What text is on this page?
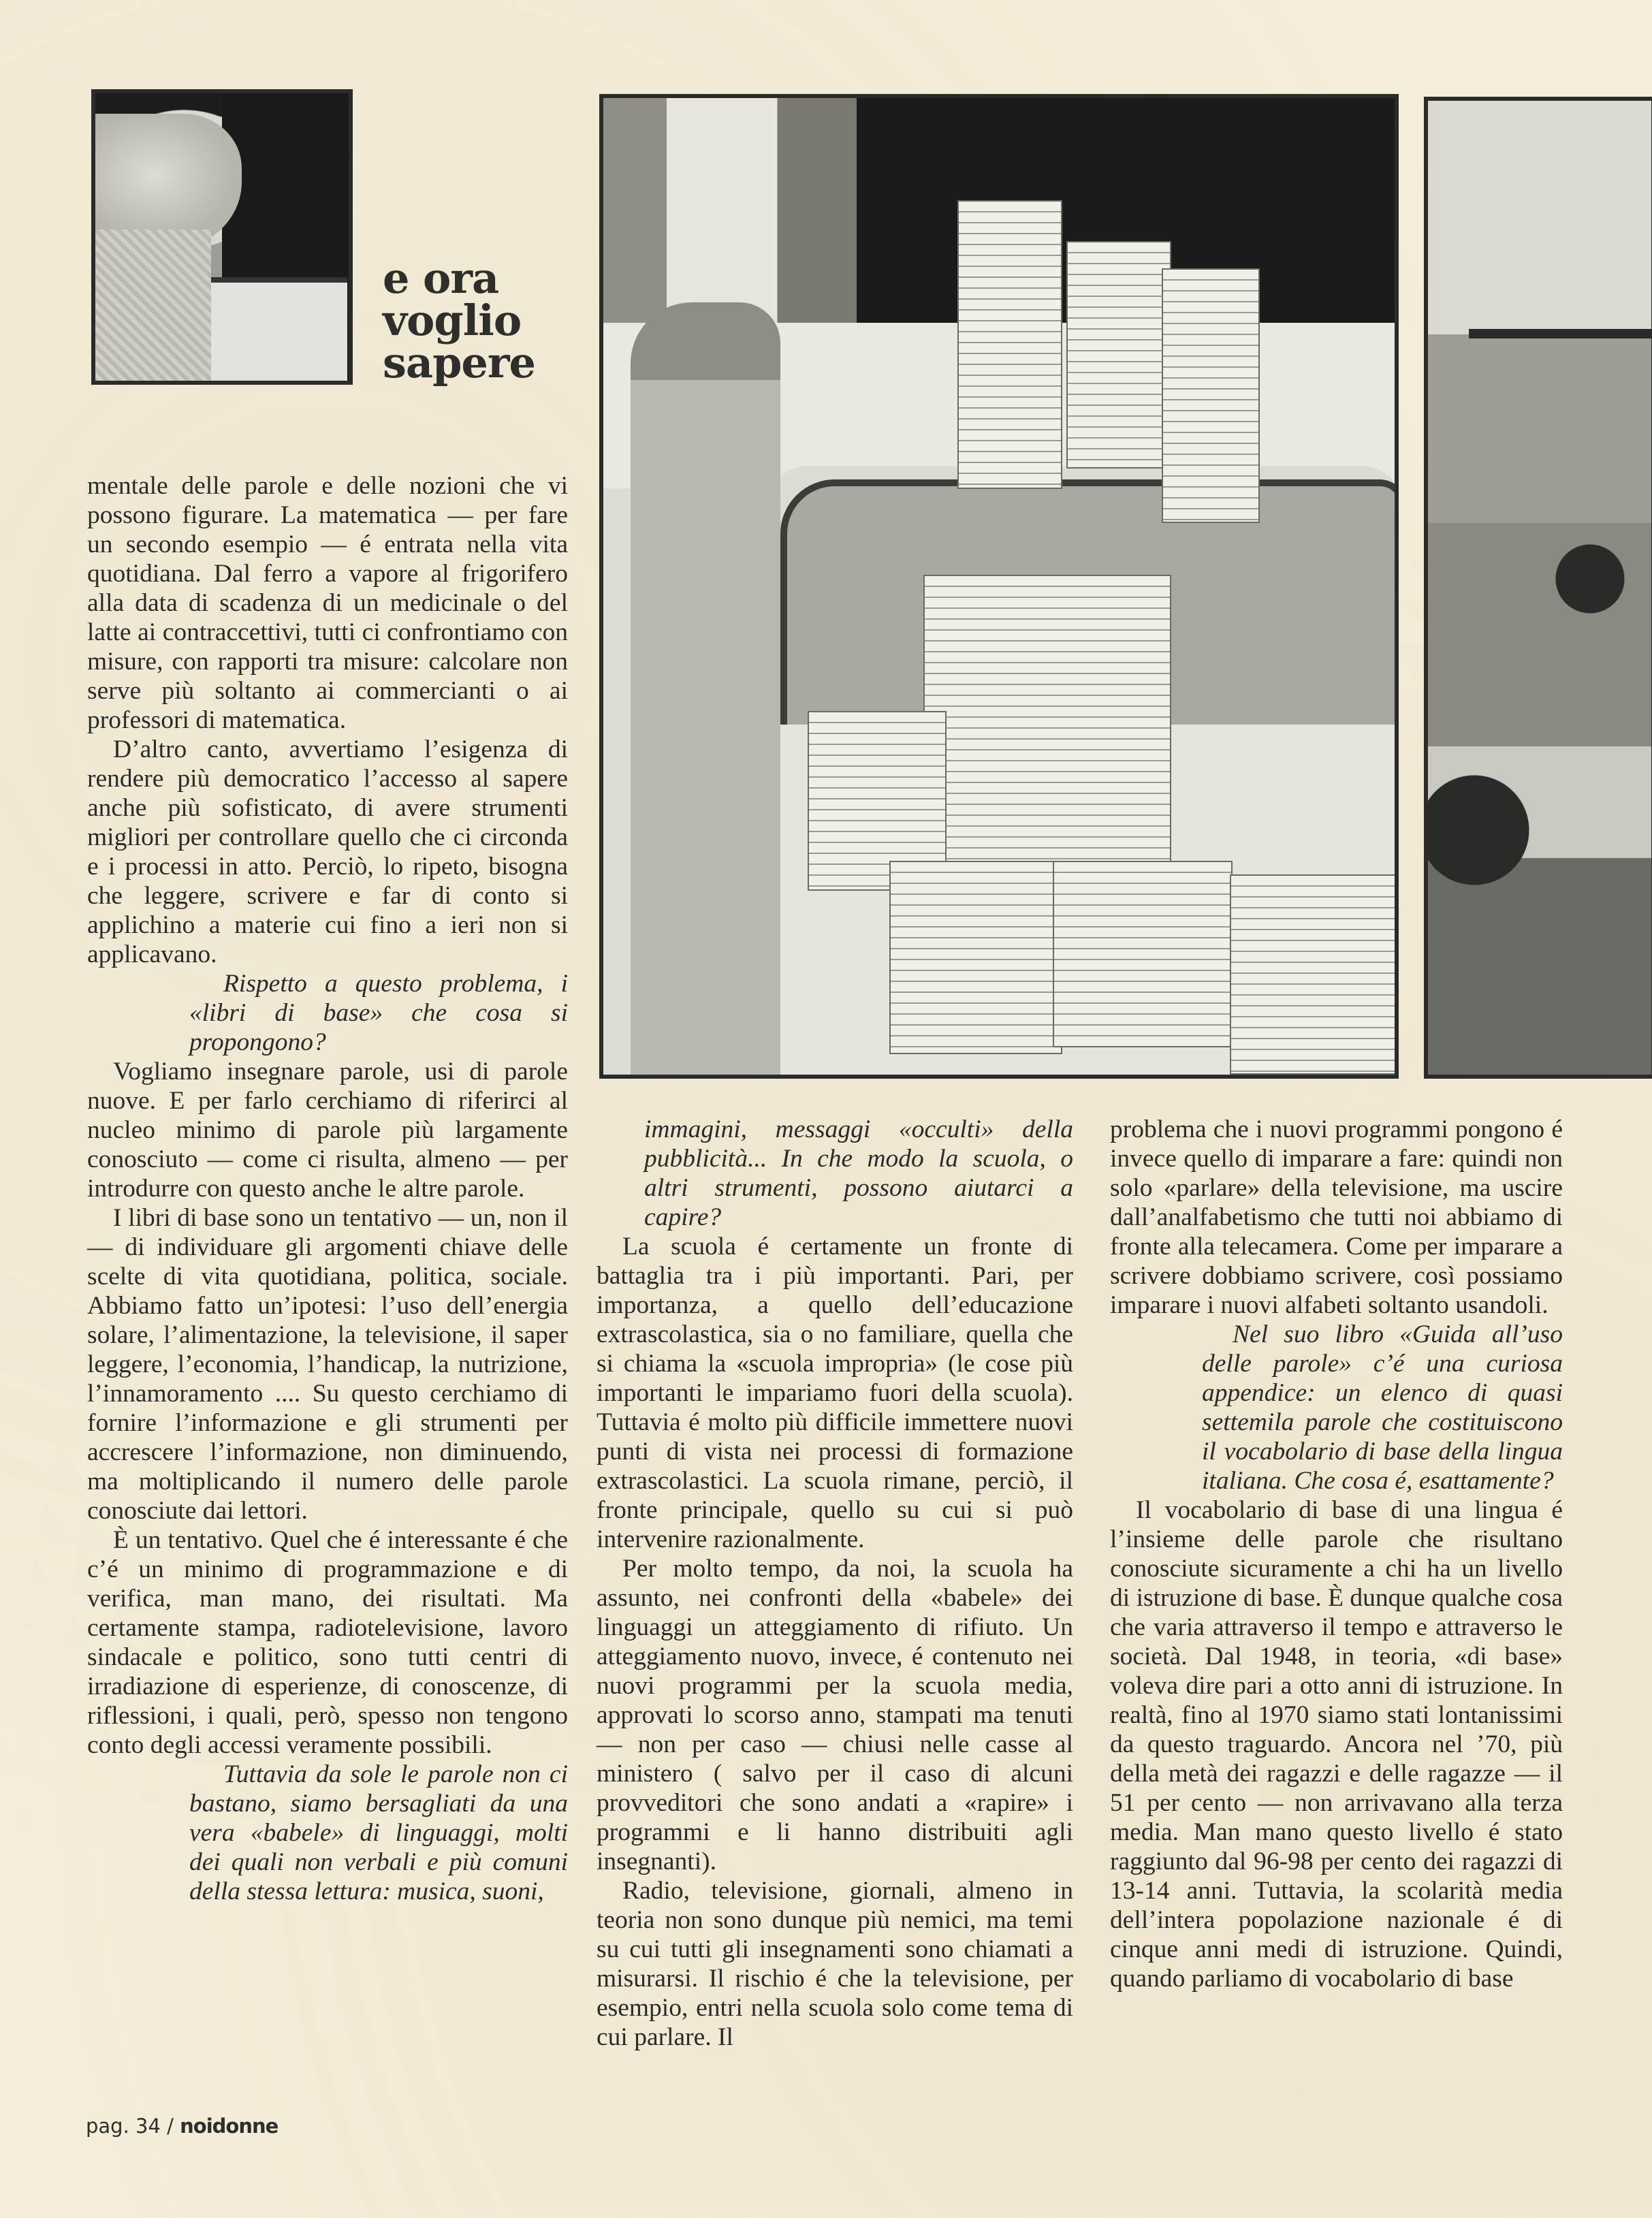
e ora
voglio
sapere

mentale delle parole e delle nozioni che vi possono figurare. La matematica — per fare un secondo esempio — é entrata nella vita quotidiana. Dal ferro a vapore al frigorifero alla data di scadenza di un medicinale o del latte ai contraccettivi, tutti ci confrontiamo con misure, con rapporti tra misure: calcolare non serve più soltanto ai commercianti o ai professori di matematica.

D’altro canto, avvertiamo l’esigenza di rendere più democratico l’accesso al sapere anche più sofisticato, di avere strumenti migliori per controllare quello che ci circonda e i processi in atto. Perciò, lo ripeto, bisogna che leggere, scrivere e far di conto si applichino a materie cui fino a ieri non si applicavano.

Rispetto a questo problema, i «libri di base» che cosa si propongono?

Vogliamo insegnare parole, usi di parole nuove. E per farlo cerchiamo di riferirci al nucleo minimo di parole più largamente conosciuto — come ci risulta, almeno — per introdurre con questo anche le altre parole.

I libri di base sono un tentativo — un, non il — di individuare gli argomenti chiave delle scelte di vita quotidiana, politica, sociale. Abbiamo fatto un’ipotesi: l’uso dell’energia solare, l’alimentazione, la televisione, il saper leggere, l’economia, l’handicap, la nutrizione, l’innamoramento .... Su questo cerchiamo di fornire l’informazione e gli strumenti per accrescere l’informazione, non diminuendo, ma moltiplicando il numero delle parole conosciute dai lettori.

È un tentativo. Quel che é interessante é che c’é un minimo di programmazione e di verifica, man mano, dei risultati. Ma certamente stampa, radiotelevisione, lavoro sindacale e politico, sono tutti centri di irradiazione di esperienze, di conoscenze, di riflessioni, i quali, però, spesso non tengono conto degli accessi veramente possibili.

Tuttavia da sole le parole non ci bastano, siamo bersagliati da una vera «babele» di linguaggi, molti dei quali non verbali e più comuni della stessa lettura: musica, suoni,

immagini, messaggi «occulti» della pubblicità... In che modo la scuola, o altri strumenti, possono aiutarci a capire?

La scuola é certamente un fronte di battaglia tra i più importanti. Pari, per importanza, a quello dell’educazione extrascolastica, sia o no familiare, quella che si chiama la «scuola impropria» (le cose più importanti le impariamo fuori della scuola). Tuttavia é molto più difficile immettere nuovi punti di vista nei processi di formazione extrascolastici. La scuola rimane, perciò, il fronte principale, quello su cui si può intervenire razionalmente.

Per molto tempo, da noi, la scuola ha assunto, nei confronti della «babele» dei linguaggi un atteggiamento di rifiuto. Un atteggiamento nuovo, invece, é contenuto nei nuovi programmi per la scuola media, approvati lo scorso anno, stampati ma tenuti — non per caso — chiusi nelle casse al ministero ( salvo per il caso di alcuni provveditori che sono andati a «rapire» i programmi e li hanno distribuiti agli insegnanti).

Radio, televisione, giornali, almeno in teoria non sono dunque più nemici, ma temi su cui tutti gli insegnamenti sono chiamati a misurarsi. Il rischio é che la televisione, per esempio, entri nella scuola solo come tema di cui parlare. Il

problema che i nuovi programmi pongono é invece quello di imparare a fare: quindi non solo «parlare» della televisione, ma uscire dall’analfabetismo che tutti noi abbiamo di fronte alla telecamera. Come per imparare a scrivere dobbiamo scrivere, così possiamo imparare i nuovi alfabeti soltanto usandoli.

Nel suo libro «Guida all’uso delle parole» c’é una curiosa appendice: un elenco di quasi settemila parole che costituiscono il vocabolario di base della lingua italiana. Che cosa é, esattamente?

Il vocabolario di base di una lingua é l’insieme delle parole che risultano conosciute sicuramente a chi ha un livello di istruzione di base. È dunque qualche cosa che varia attraverso il tempo e attraverso le società. Dal 1948, in teoria, «di base» voleva dire pari a otto anni di istruzione. In realtà, fino al 1970 siamo stati lontanissimi da questo traguardo. Ancora nel ’70, più della metà dei ragazzi e delle ragazze — il 51 per cento — non arrivavano alla terza media. Man mano questo livello é stato raggiunto dal 96-98 per cento dei ragazzi di 13-14 anni. Tuttavia, la scolarità media dell’intera popolazione nazionale é di cinque anni medi di istruzione. Quindi, quando parliamo di vocabolario di base

pag. 34 / noidonne
